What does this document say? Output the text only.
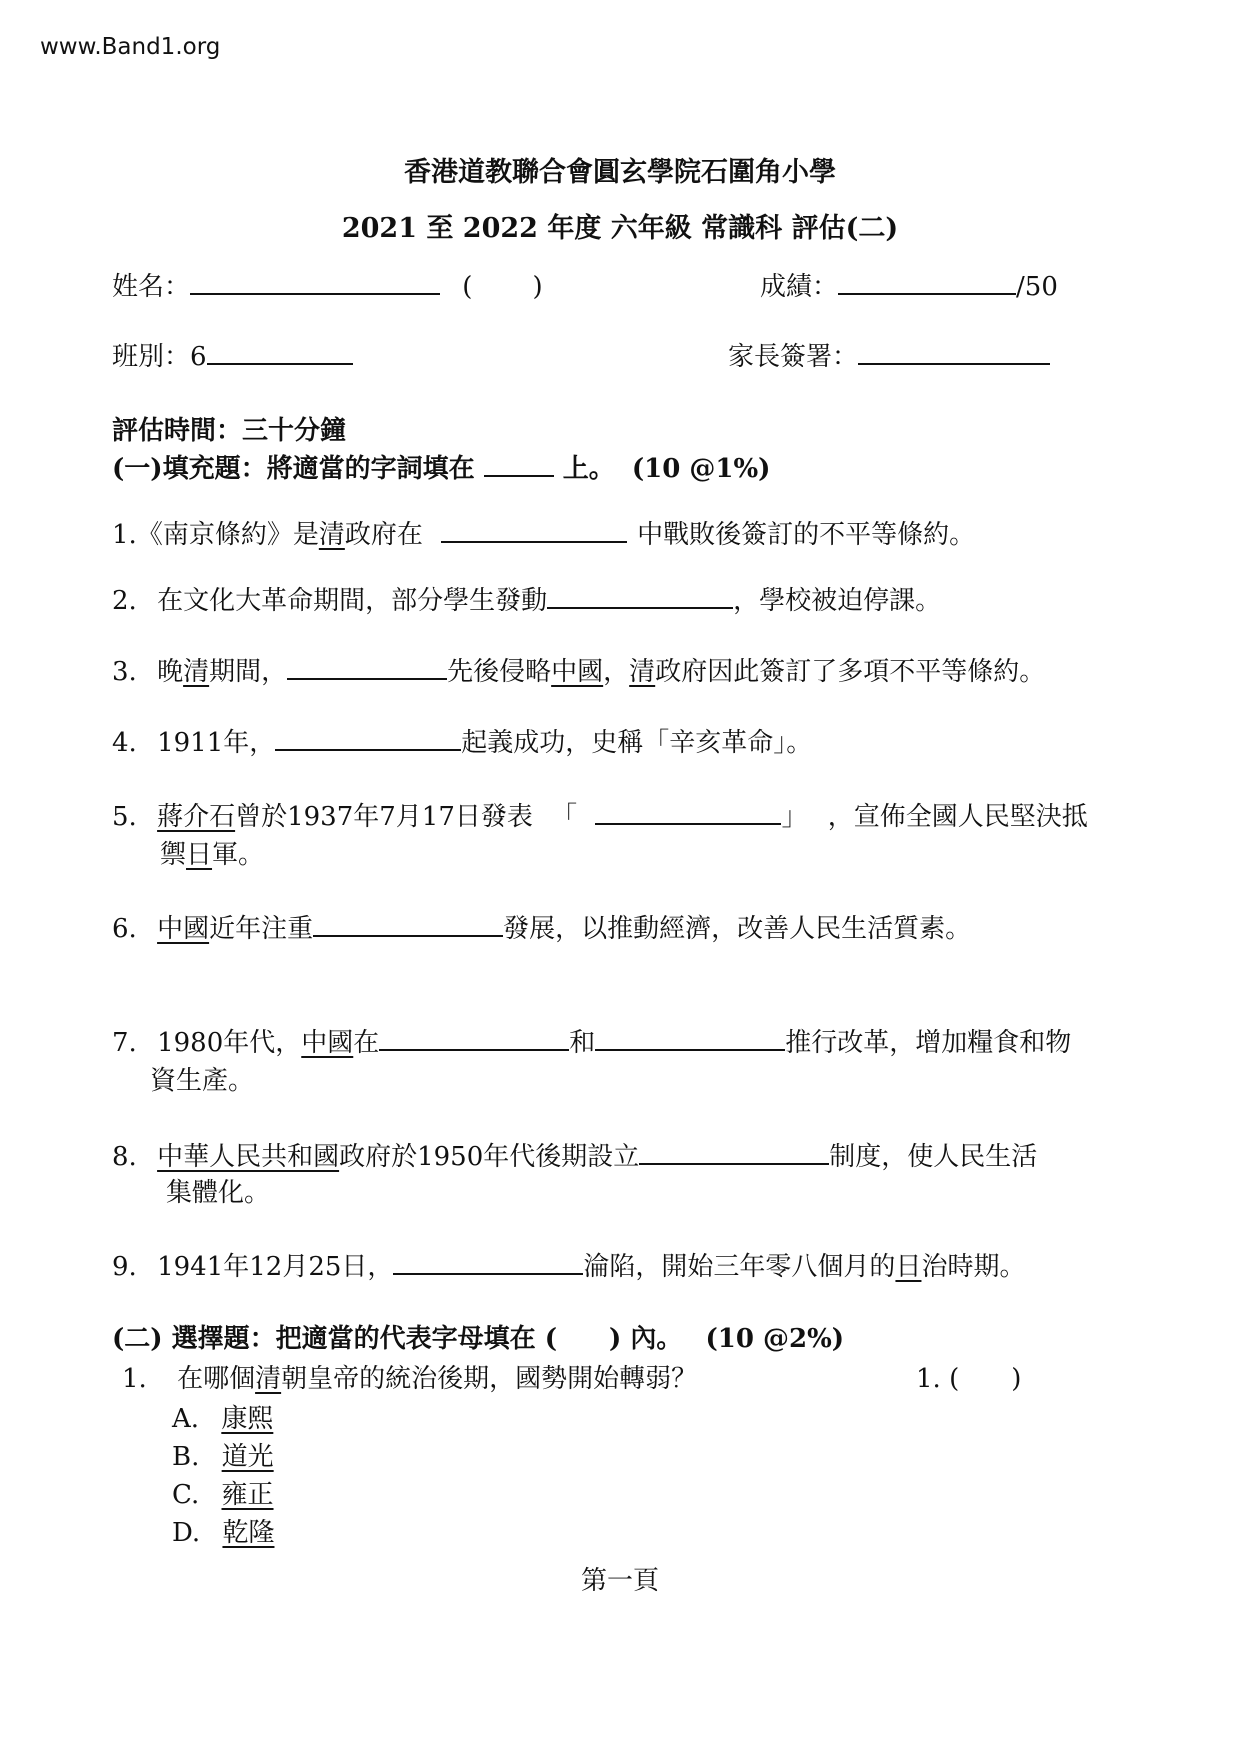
www.Band1.org
香港道教聯合會圓玄學院石圍角小學
2021 至 2022 年度 六年級 常識科 評估(二)
姓名：	( )	成績：	/50
班別：6	家長簽署：
評估時間：三十分鐘
(一)填充題：將適當的字詞填在	上。 (10 @1%)
1.《南京條約》是清政府在	中戰敗後簽訂的不平等條約。
2. 在文化大革命期間，部分學生發動	，學校被迫停課。
3. 晚清期間，	先後侵略中國，清政府因此簽訂了多項不平等條約。
4. 1911年，	起義成功，史稱「辛亥革命」。
5. 蔣介石曾於1937年7月17日發表 「	」 ，宣佈全國人民堅決抵
禦日軍。
6. 中國近年注重	發展，以推動經濟，改善人民生活質素。
7. 1980年代，中國在	和	推行改革，增加糧食和物
資生產。
8. 中華人民共和國政府於1950年代後期設立	制度，使人民生活
集體化。
9. 1941年12月25日，	淪陷，開始三年零八個月的日治時期。
(二) 選擇題：把適當的代表字母填在 (　　) 內。 (10 @2%)
1. 在哪個清朝皇帝的統治後期，國勢開始轉弱？	1. (　　)
A. 康熙
B. 道光
C. 雍正
D. 乾隆
第一頁
